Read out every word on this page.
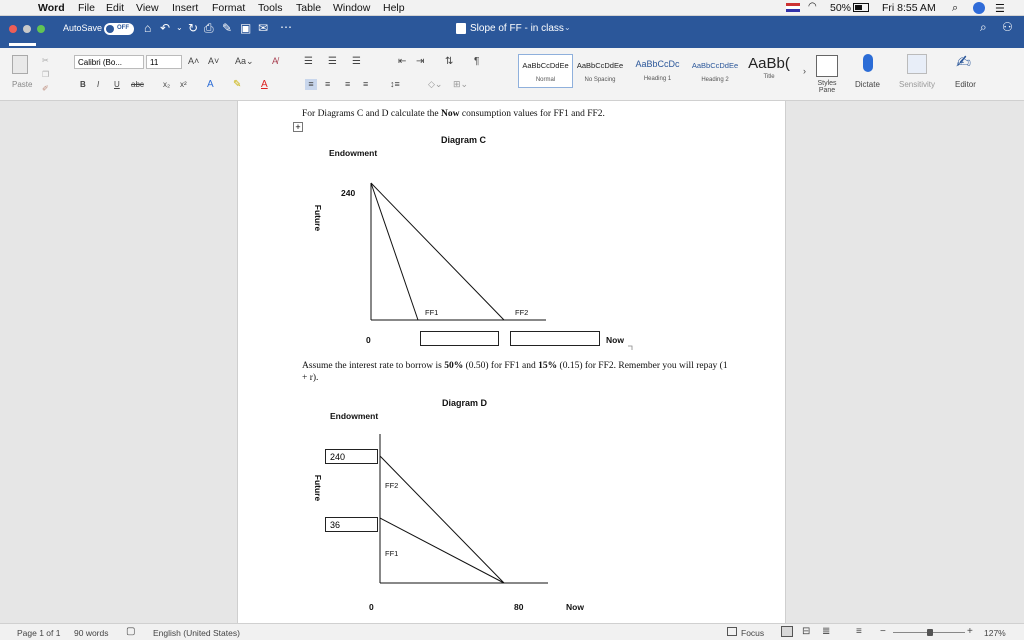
Word File Edit View Insert Format Tools Table Window Help	◠ 50%	Fri 8:55 AM ⌕	☰
AutoSave	OFF	⌂ ↶ ⌄ ↻ ⎙ ✎ ▣ ✉ ⋯	Slope of FF - in class ⌄	⌕ ⚇
Paste
✂
❐
✐
Calibri (Bo...	11	A˄ A˅ Aa⌄ A̸
B I U abc x₂ x² A ✎ A
☰ ☰ ☰	⇤ ⇥ ⇅ ¶
≡	≡ ≡ ≡ ↕≡	◇⌄ ⊞⌄
AaBbCcDdEe
Normal
AaBbCcDdEe
No Spacing
AaBbCcDc
Heading 1
AaBbCcDdEe
Heading 2
AaBb(
Title
›
Styles Pane
Dictate Sensitivity
✍
Editor
For Diagrams C and D calculate the Now consumption values for FF1 and FF2.
+
Diagram C
Endowment
Future
240
0
FF1	FF2
Now
Assume the interest rate to borrow is 50% (0.50) for FF1 and 15% (0.15) for FF2. Remember you will repay (1 + r).
Diagram D
Endowment
Future
240
36
FF2
FF1
0	80	Now
Page 1 of 1 90 words ▢ English (United States)	Focus	⊟ ≣	≡ −	+ 127%
